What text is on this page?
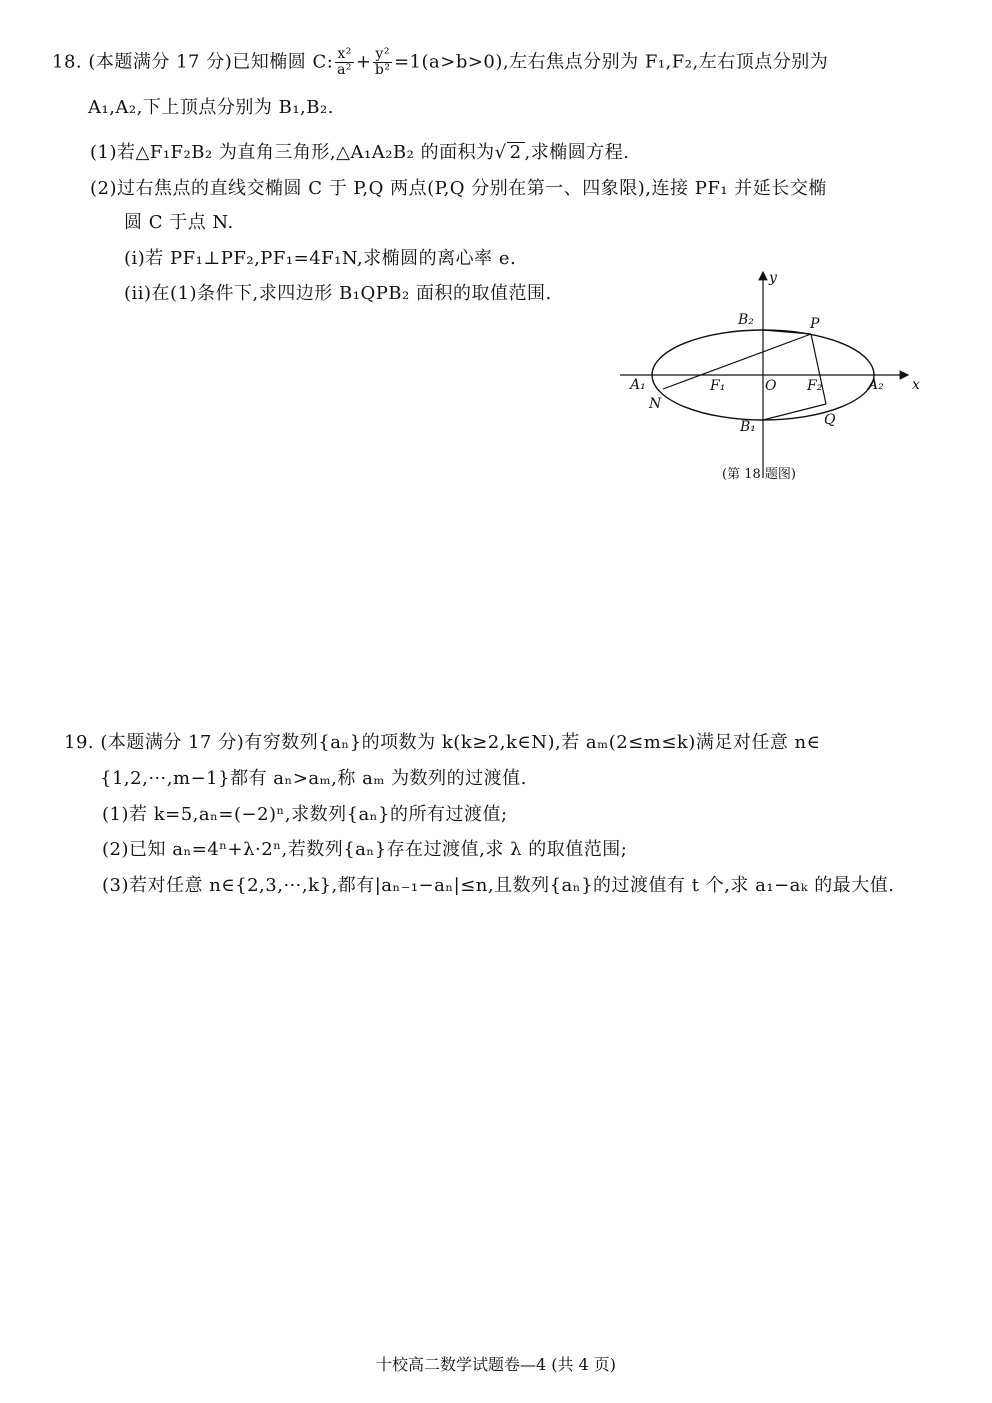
18. (本题满分 17 分)已知椭圆 C: $\frac{\text{x²}}{\text{a²}} + \frac{\text{y²}}{\text{b²}} =1(a>b>0)$,左右焦点分别为 F₁,F₂,左右顶点分别为
A₁,A₂,下上顶点分别为 B₁,B₂.
(1)若△F₁F₂B₂ 为直角三角形,△A₁A₂B₂ 的面积为√ 2 ,求椭圆方程.
(2)过右焦点的直线交椭圆 C 于 P,Q 两点(P,Q 分别在第一、四象限),连接 PF₁ 并延长交椭
圆 C 于点 N.
(i)若 PF₁⊥PF₂,PF₁=4F₁N,求椭圆的离心率 e.
(ii)在(1)条件下,求四边形 B₁QPB₂ 面积的取值范围.
y
x
O
A₁	A₂
B₁
B₂
F₁	F₂
P
Q
N
(第 18 题图)
19. (本题满分 17 分)有穷数列{aₙ}的项数为 k(k≥2,k∈N),若 aₘ(2≤m≤k)满足对任意 n∈
{1,2,⋯,m−1}都有 aₙ>aₘ,称 aₘ 为数列的过渡值.
(1)若 k=5,aₙ=(−2)ⁿ,求数列{aₙ}的所有过渡值;
(2)已知 aₙ=4ⁿ+λ·2ⁿ,若数列{aₙ}存在过渡值,求 λ 的取值范围;
(3)若对任意 n∈{2,3,⋯,k},都有|aₙ₋₁−aₙ|≤n,且数列{aₙ}的过渡值有 t 个,求 a₁−aₖ 的最大值.
十校高二数学试题卷—4 (共 4 页)
